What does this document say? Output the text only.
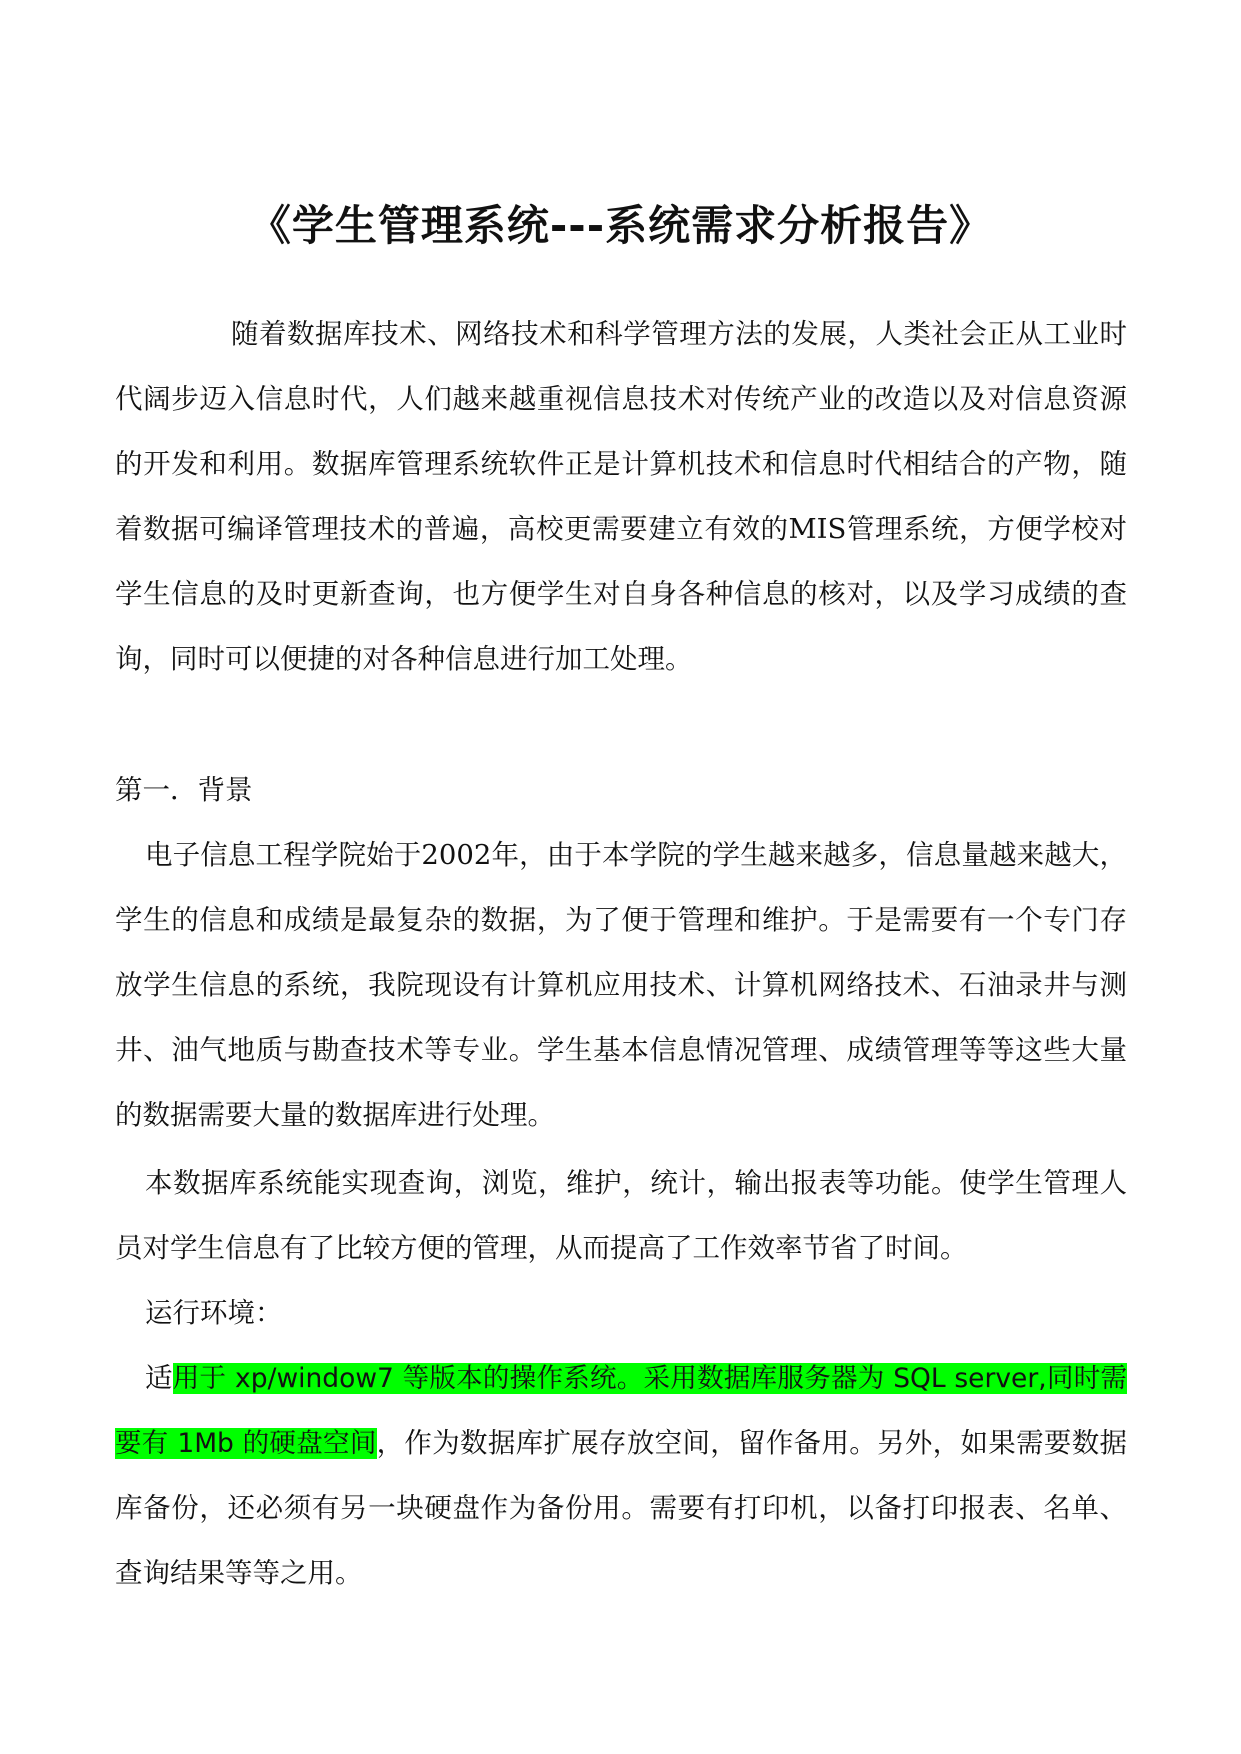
《学生管理系统---系统需求分析报告》
随着数据库技术、网络技术和科学管理方法的发展，人类社会正从工业时代阔步迈入信息时代，人们越来越重视信息技术对传统产业的改造以及对信息资源的开发和利用。数据库管理系统软件正是计算机技术和信息时代相结合的产物，随着数据可编译管理技术的普遍，高校更需要建立有效的MIS管理系统，方便学校对学生信息的及时更新查询，也方便学生对自身各种信息的核对，以及学习成绩的查询，同时可以便捷的对各种信息进行加工处理。
第一．背景
电子信息工程学院始于2002年，由于本学院的学生越来越多，信息量越来越大，学生的信息和成绩是最复杂的数据，为了便于管理和维护。于是需要有一个专门存放学生信息的系统，我院现设有计算机应用技术、计算机网络技术、石油录井与测井、油气地质与勘查技术等专业。学生基本信息情况管理、成绩管理等等这些大量的数据需要大量的数据库进行处理。
本数据库系统能实现查询，浏览，维护，统计，输出报表等功能。使学生管理人员对学生信息有了比较方便的管理，从而提高了工作效率节省了时间。
运行环境：
适用于 xp/window7 等版本的操作系统。采用数据库服务器为 SQL server,同时需要有 1Mb 的硬盘空间，作为数据库扩展存放空间，留作备用。另外，如果需要数据库备份，还必须有另一块硬盘作为备份用。需要有打印机，以备打印报表、名单、查询结果等等之用。
